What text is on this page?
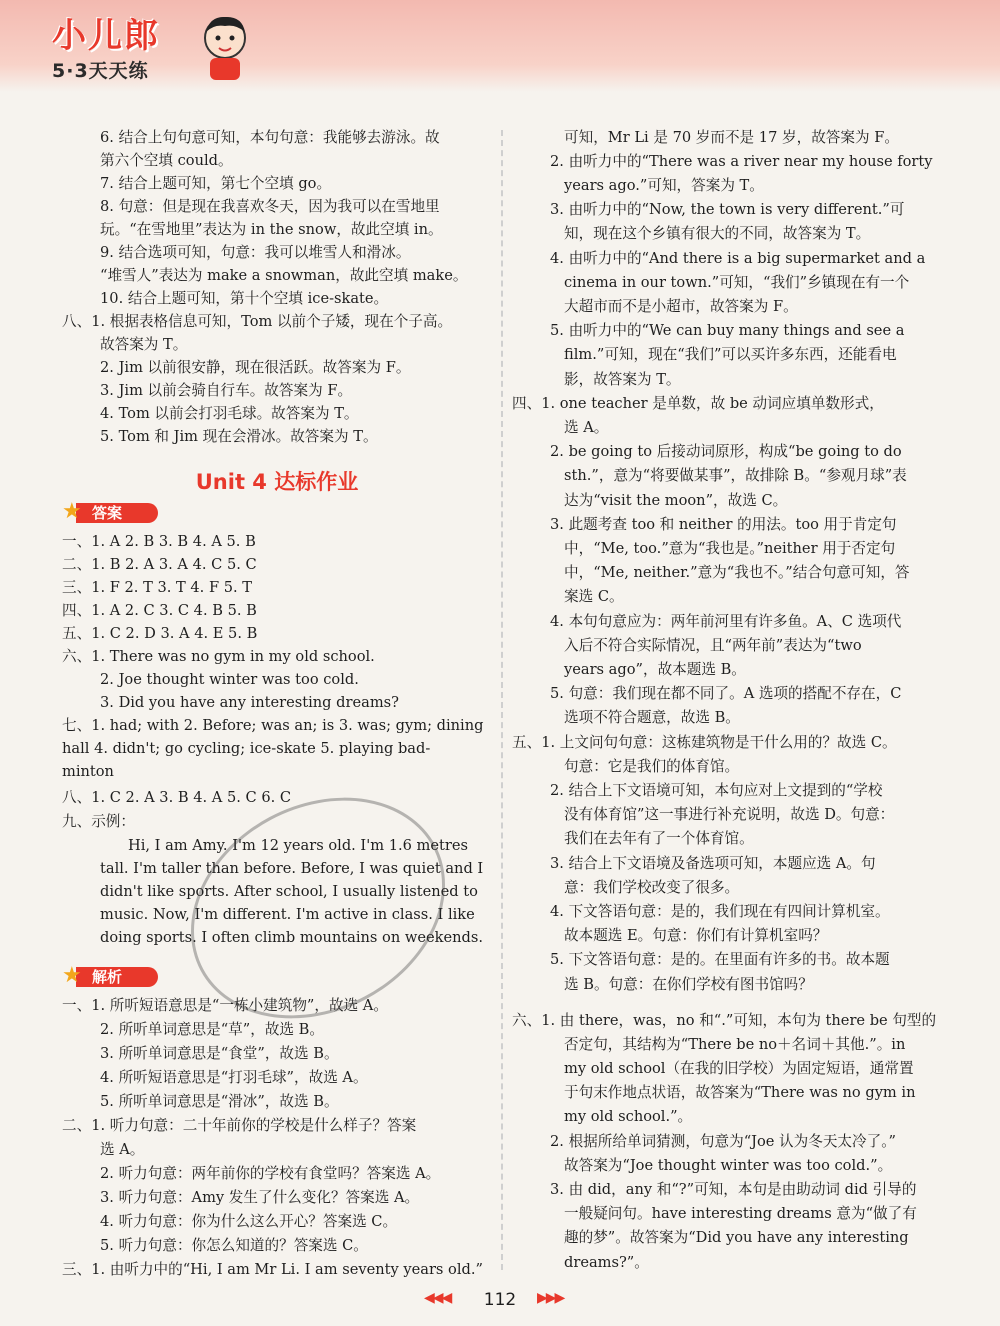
小儿郎
5·3天天练
6. 结合上句句意可知，本句句意：我能够去游泳。故
第六个空填 could。
7. 结合上题可知，第七个空填 go。
8. 句意：但是现在我喜欢冬天，因为我可以在雪地里
玩。“在雪地里”表达为 in the snow，故此空填 in。
9. 结合选项可知，句意：我可以堆雪人和滑冰。
“堆雪人”表达为 make a snowman，故此空填 make。
10. 结合上题可知，第十个空填 ice-skate。
八、1. 根据表格信息可知，Tom 以前个子矮，现在个子高。
故答案为 T。
2. Jim 以前很安静，现在很活跃。故答案为 F。
3. Jim 以前会骑自行车。故答案为 F。
4. Tom 以前会打羽毛球。故答案为 T。
5. Tom 和 Jim 现在会滑冰。故答案为 T。
Unit 4 达标作业
★ 答案
一、1. A 2. B 3. B 4. A 5. B
二、1. B 2. A 3. A 4. C 5. C
三、1. F 2. T 3. T 4. F 5. T
四、1. A 2. C 3. C 4. B 5. B
五、1. C 2. D 3. A 4. E 5. B
六、1. There was no gym in my old school.
2. Joe thought winter was too cold.
3. Did you have any interesting dreams?
七、1. had; with 2. Before; was an; is 3. was; gym; dining
hall 4. didn't; go cycling; ice-skate 5. playing bad-
minton
八、1. C 2. A 3. B 4. A 5. C 6. C
九、示例：
Hi, I am Amy. I'm 12 years old. I'm 1.6 metres
tall. I'm taller than before. Before, I was quiet and I
didn't like sports. After school, I usually listened to
music. Now, I'm different. I'm active in class. I like
doing sports. I often climb mountains on weekends.
★ 解析
一、1. 所听短语意思是“一栋小建筑物”，故选 A。
2. 所听单词意思是“草”，故选 B。
3. 所听单词意思是“食堂”，故选 B。
4. 所听短语意思是“打羽毛球”，故选 A。
5. 所听单词意思是“滑冰”，故选 B。
二、1. 听力句意：二十年前你的学校是什么样子？答案
选 A。
2. 听力句意：两年前你的学校有食堂吗？答案选 A。
3. 听力句意：Amy 发生了什么变化？答案选 A。
4. 听力句意：你为什么这么开心？答案选 C。
5. 听力句意：你怎么知道的？答案选 C。
三、1. 由听力中的“Hi, I am Mr Li. I am seventy years old.”
可知，Mr Li 是 70 岁而不是 17 岁，故答案为 F。
2. 由听力中的“There was a river near my house forty
years ago.”可知，答案为 T。
3. 由听力中的“Now, the town is very different.”可
知，现在这个乡镇有很大的不同，故答案为 T。
4. 由听力中的“And there is a big supermarket and a
cinema in our town.”可知，“我们”乡镇现在有一个
大超市而不是小超市，故答案为 F。
5. 由听力中的“We can buy many things and see a
film.”可知，现在“我们”可以买许多东西，还能看电
影，故答案为 T。
四、1. one teacher 是单数，故 be 动词应填单数形式，
选 A。
2. be going to 后接动词原形，构成“be going to do
sth.”，意为“将要做某事”，故排除 B。“参观月球”表
达为“visit the moon”，故选 C。
3. 此题考查 too 和 neither 的用法。too 用于肯定句
中，“Me, too.”意为“我也是。”neither 用于否定句
中，“Me, neither.”意为“我也不。”结合句意可知，答
案选 C。
4. 本句句意应为：两年前河里有许多鱼。A、C 选项代
入后不符合实际情况，且“两年前”表达为“two
years ago”，故本题选 B。
5. 句意：我们现在都不同了。A 选项的搭配不存在，C
选项不符合题意，故选 B。
五、1. 上文问句句意：这栋建筑物是干什么用的？故选 C。
句意：它是我们的体育馆。
2. 结合上下文语境可知，本句应对上文提到的“学校
没有体育馆”这一事进行补充说明，故选 D。句意：
我们在去年有了一个体育馆。
3. 结合上下文语境及备选项可知，本题应选 A。句
意：我们学校改变了很多。
4. 下文答语句意：是的，我们现在有四间计算机室。
故本题选 E。句意：你们有计算机室吗？
5. 下文答语句意：是的。在里面有许多的书。故本题
选 B。句意：在你们学校有图书馆吗？
六、1. 由 there，was，no 和“.”可知，本句为 there be 句型的
否定句，其结构为“There be no＋名词＋其他.”。in
my old school（在我的旧学校）为固定短语，通常置
于句末作地点状语，故答案为“There was no gym in
my old school.”。
2. 根据所给单词猜测，句意为“Joe 认为冬天太冷了。”
故答案为“Joe thought winter was too cold.”。
3. 由 did，any 和“?”可知，本句是由助动词 did 引导的
一般疑问句。have interesting dreams 意为“做了有
趣的梦”。故答案为“Did you have any interesting
dreams?”。
◀◀◀	112	▶▶▶
